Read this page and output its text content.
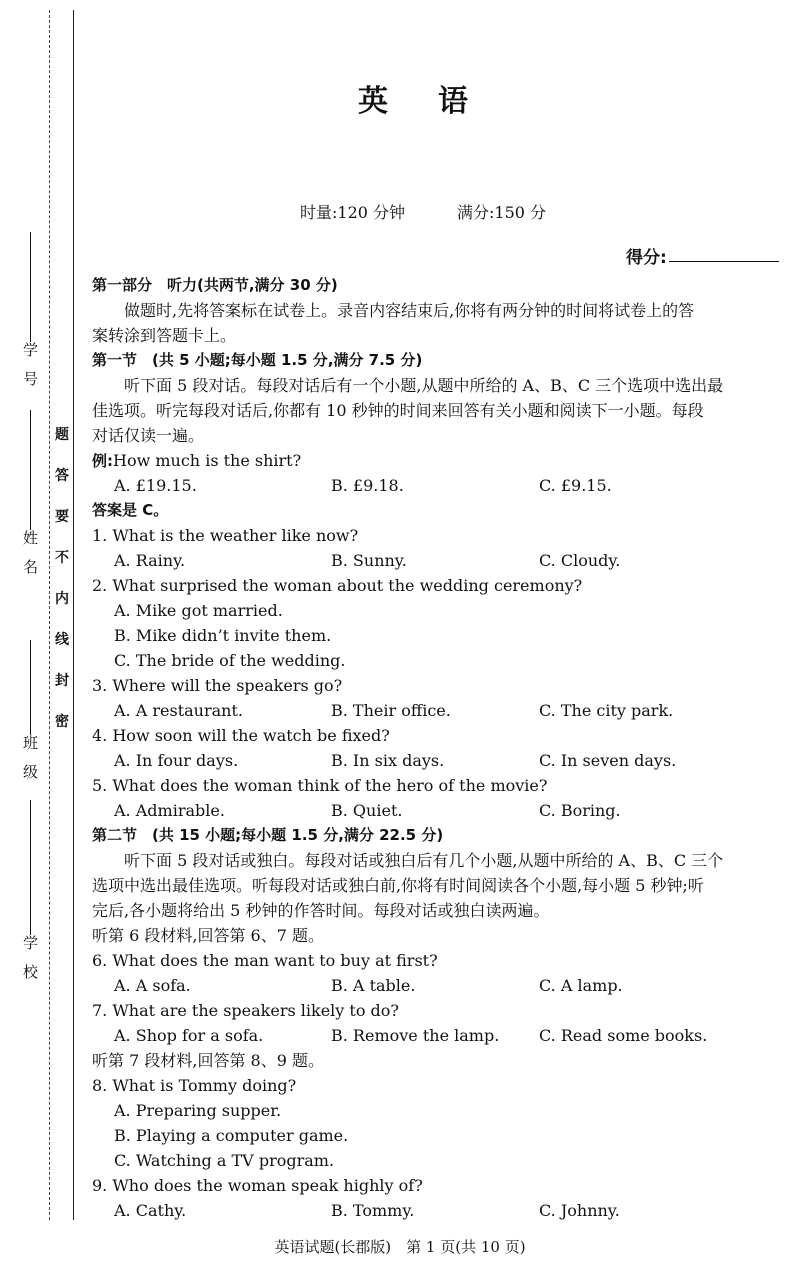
学号
姓名
班级
学校
题
答
要
不
内
线
封
密
英语
时量:120 分钟	满分:150 分
得分:
第一部分　听力(共两节,满分 30 分)
做题时,先将答案标在试卷上。录音内容结束后,你将有两分钟的时间将试卷上的答
案转涂到答题卡上。
第一节　(共 5 小题;每小题 1.5 分,满分 7.5 分)
听下面 5 段对话。每段对话后有一个小题,从题中所给的 A、B、C 三个选项中选出最
佳选项。听完每段对话后,你都有 10 秒钟的时间来回答有关小题和阅读下一小题。每段
对话仅读一遍。
例:How much is the shirt?
A. £19.15.	B. £9.18.	C. £9.15.
答案是 C。
1. What is the weather like now?
A. Rainy.	B. Sunny.	C. Cloudy.
2. What surprised the woman about the wedding ceremony?
A. Mike got married.
B. Mike didn’t invite them.
C. The bride of the wedding.
3. Where will the speakers go?
A. A restaurant.	B. Their office.	C. The city park.
4. How soon will the watch be fixed?
A. In four days.	B. In six days.	C. In seven days.
5. What does the woman think of the hero of the movie?
A. Admirable.	B. Quiet.	C. Boring.
第二节　(共 15 小题;每小题 1.5 分,满分 22.5 分)
听下面 5 段对话或独白。每段对话或独白后有几个小题,从题中所给的 A、B、C 三个
选项中选出最佳选项。听每段对话或独白前,你将有时间阅读各个小题,每小题 5 秒钟;听
完后,各小题将给出 5 秒钟的作答时间。每段对话或独白读两遍。
听第 6 段材料,回答第 6、7 题。
6. What does the man want to buy at first?
A. A sofa.	B. A table.	C. A lamp.
7. What are the speakers likely to do?
A. Shop for a sofa.	B. Remove the lamp.	C. Read some books.
听第 7 段材料,回答第 8、9 题。
8. What is Tommy doing?
A. Preparing supper.
B. Playing a computer game.
C. Watching a TV program.
9. Who does the woman speak highly of?
A. Cathy.	B. Tommy.	C. Johnny.
英语试题(长郡版)　第 1 页(共 10 页)
